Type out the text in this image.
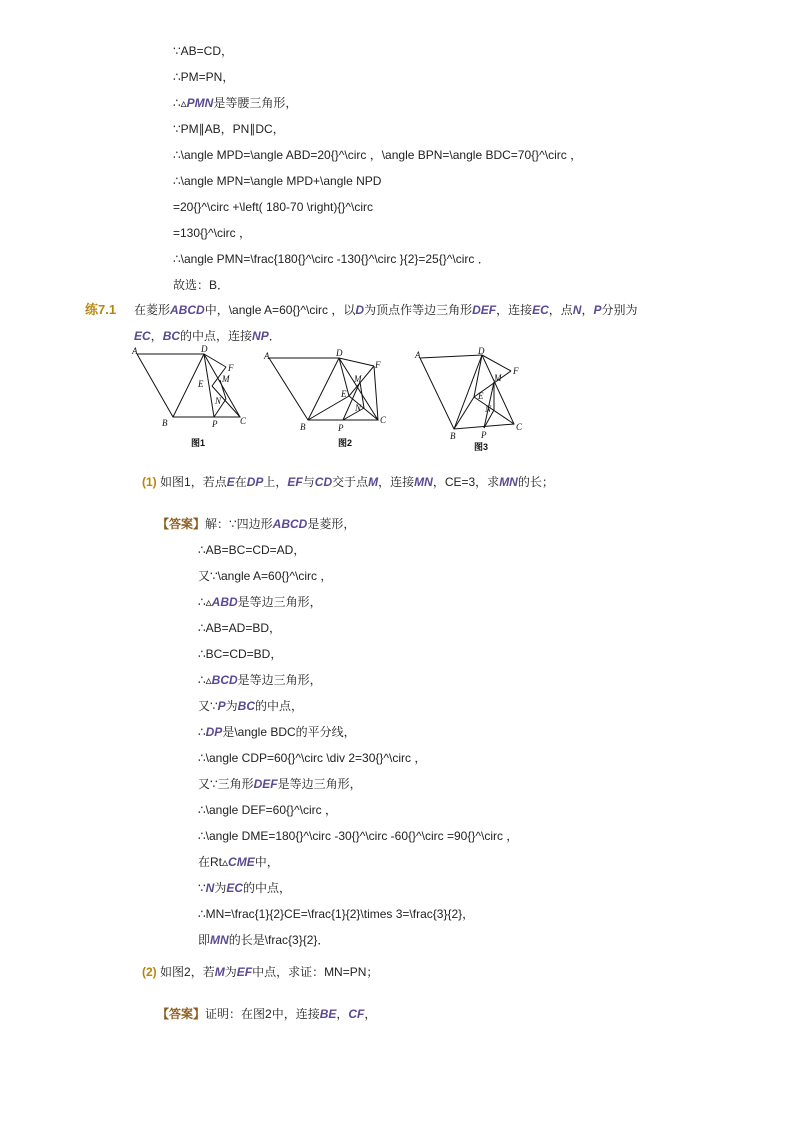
∵AB=CD，
∴PM=PN，
∴▵PMN是等腰三角形，
∵PM∥AB，PN∥DC，
∴\angle MPD=\angle ABD=20{}^\circ ，\angle BPN=\angle BDC=70{}^\circ ，
∴\angle MPN=\angle MPD+\angle NPD
=20{}^\circ +\left( 180-70 \right){}^\circ
=130{}^\circ ，
∴\angle PMN=\frac{180{}^\circ -130{}^\circ }{2}=25{}^\circ ．
故选：B．
练7.1 在菱形ABCD中，\angle A=60{}^\circ ，以D为顶点作等边三角形DEF，连接EC，点N，P分别为
EC，BC的中点，连接NP．
A	D
F
M
E
N
B	P	C
图1
A	D
F
M
E
N
B	P
C
图2
A	D
F
M
E
N
B	P
C
图3
(1) 如图1，若点E在DP上，EF与CD交于点M，连接MN，CE=3，求MN的长；
【答案】解：∵四边形ABCD是菱形，
∴AB=BC=CD=AD，
又∵\angle A=60{}^\circ ，
∴▵ABD是等边三角形，
∴AB=AD=BD，
∴BC=CD=BD，
∴▵BCD是等边三角形，
又∵P为BC的中点，
∴DP是\angle BDC的平分线，
∴\angle CDP=60{}^\circ \div 2=30{}^\circ ，
又∵三角形DEF是等边三角形，
∴\angle DEF=60{}^\circ ，
∴\angle DME=180{}^\circ -30{}^\circ -60{}^\circ =90{}^\circ ，
在Rt▵CME中，
∵N为EC的中点，
∴MN=\frac{1}{2}CE=\frac{1}{2}\times 3=\frac{3}{2}，
即MN的长是\frac{3}{2}．
(2) 如图2，若M为EF中点，求证：MN=PN；
【答案】证明：在图2中，连接BE，CF，
